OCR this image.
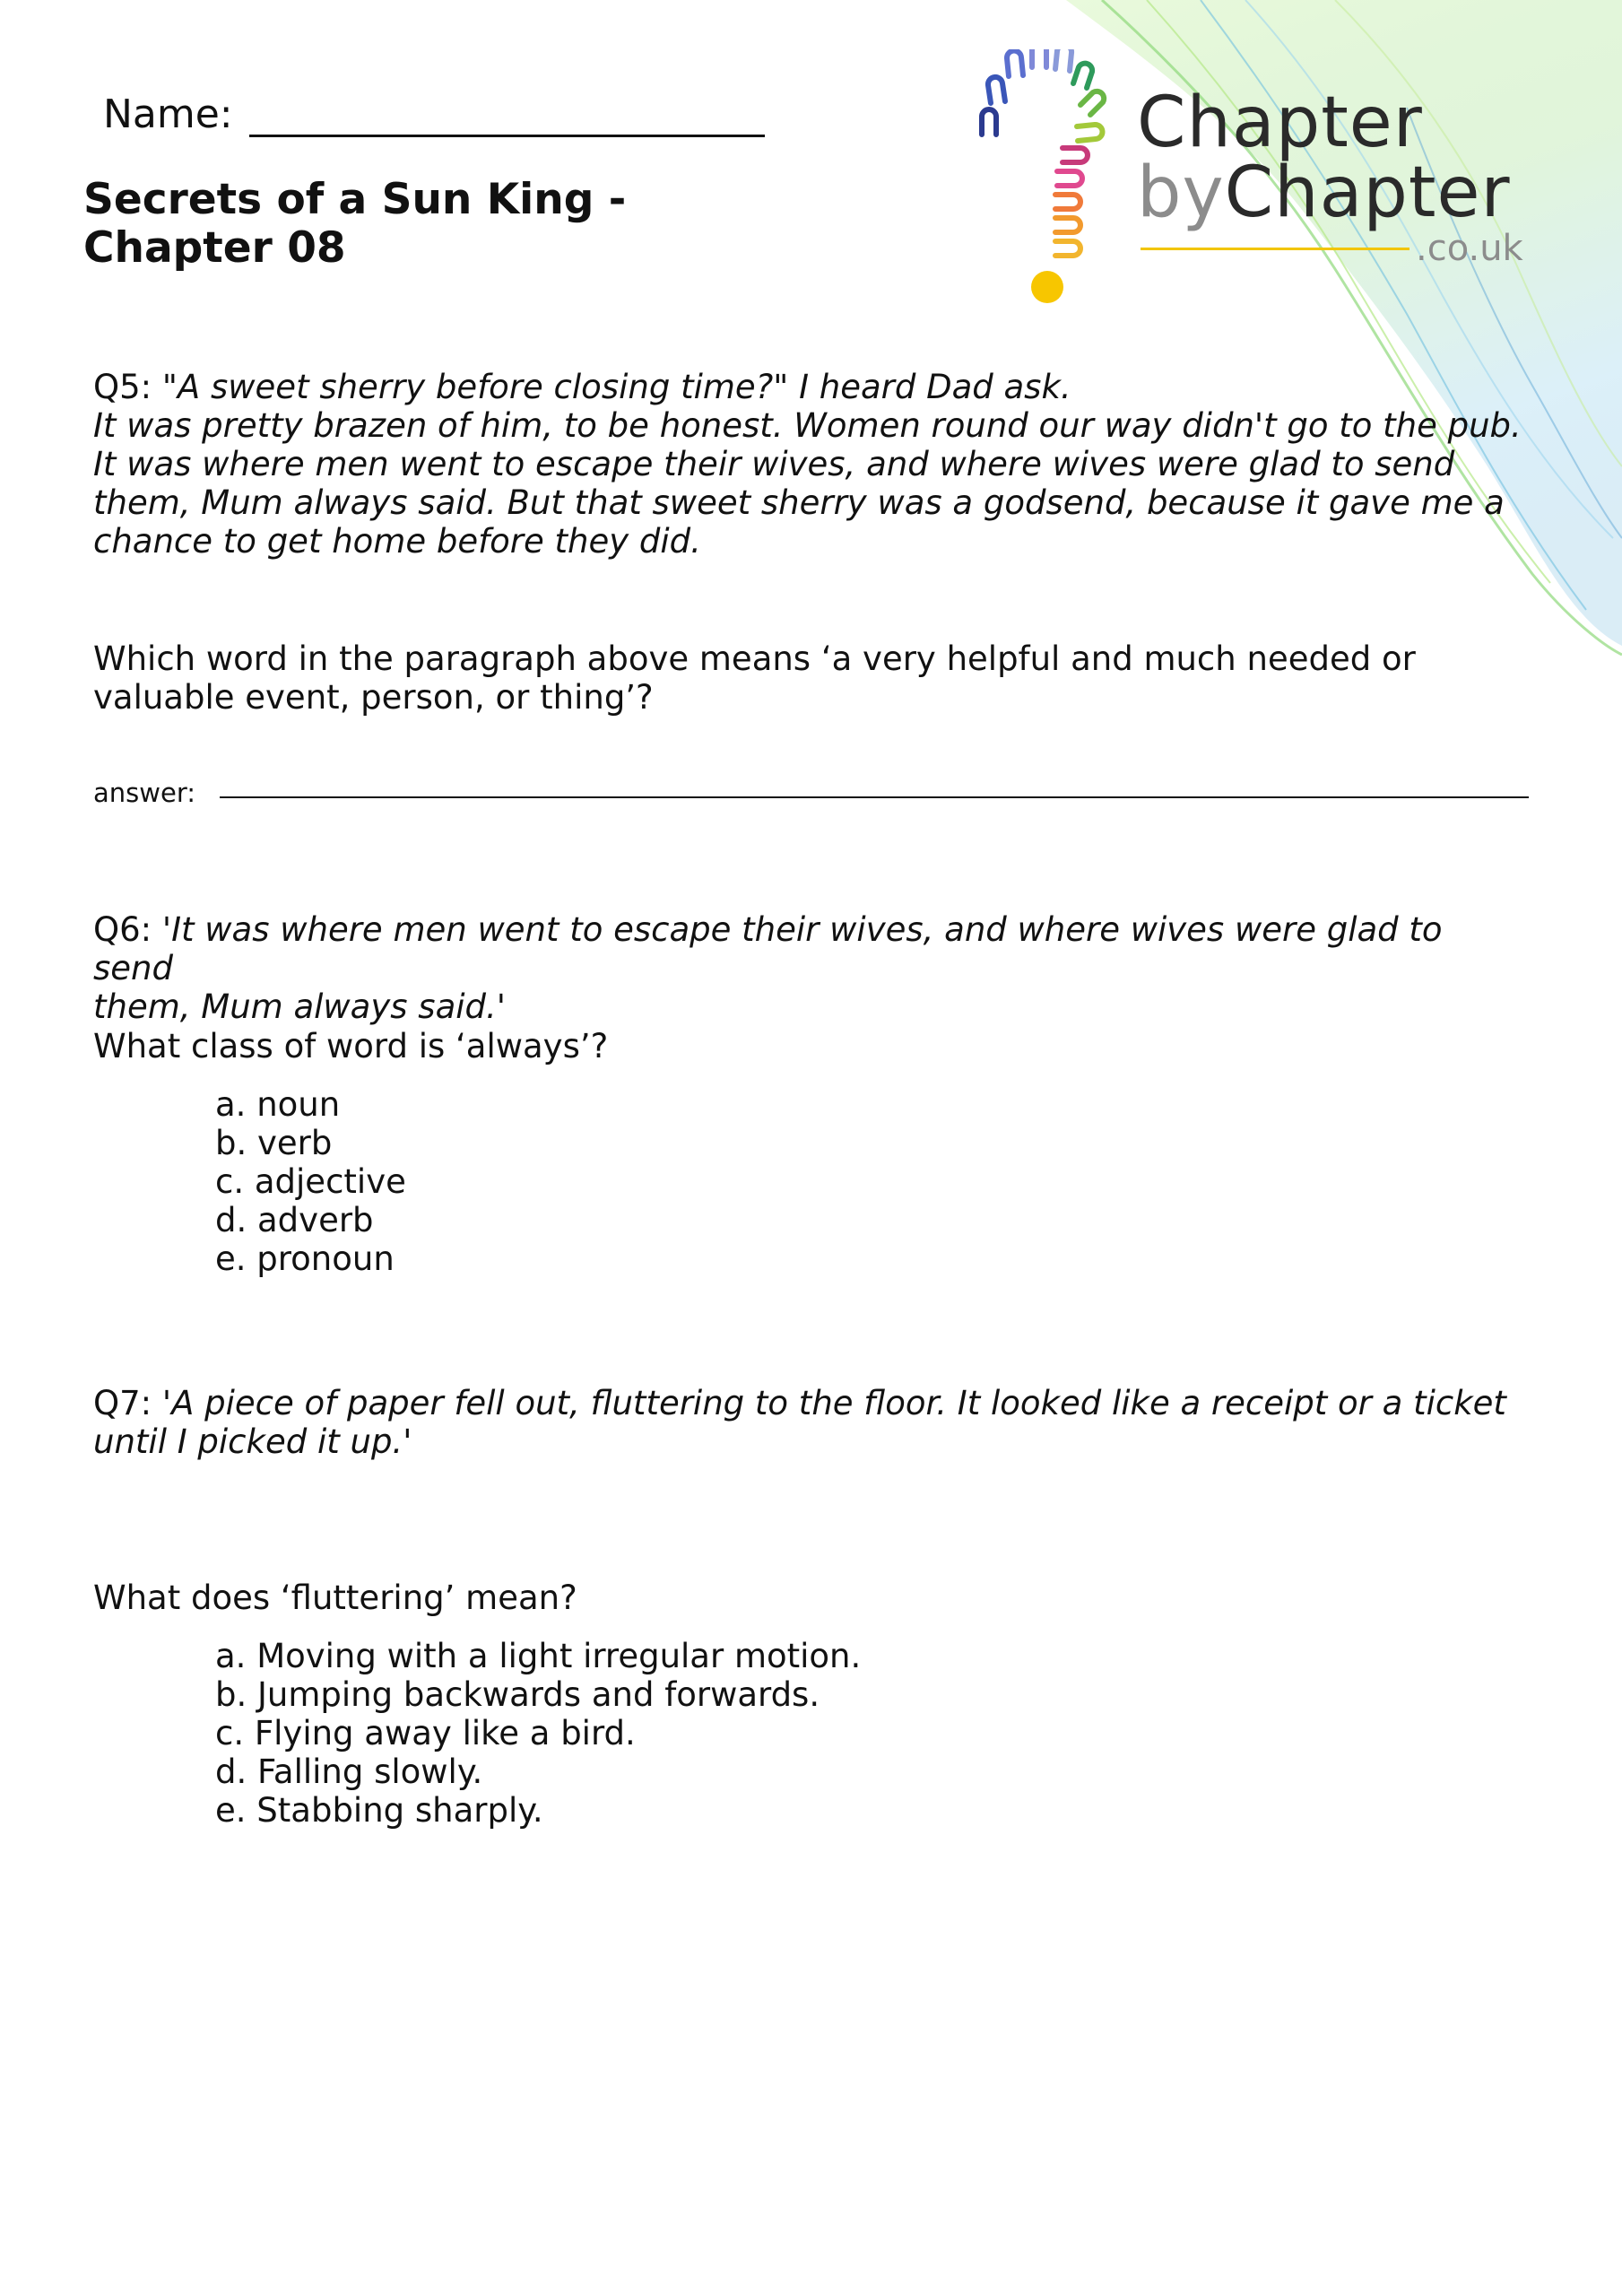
Chapter
byChapter
.co.uk
Name:
Secrets of a Sun King -
Chapter 08
Q5: "A sweet sherry before closing time?" I heard Dad ask.
It was pretty brazen of him, to be honest. Women round our way didn't go to the pub.
It was where men went to escape their wives, and where wives were glad to send
them, Mum always said. But that sweet sherry was a godsend, because it gave me a
chance to get home before they did.
Which word in the paragraph above means ‘a very helpful and much needed or
valuable event, person, or thing’?
answer:
Q6: 'It was where men went to escape their wives, and where wives were glad to send
them, Mum always said.'
What class of word is ‘always’?
a. noun
b. verb
c. adjective
d. adverb
e. pronoun
Q7: 'A piece of paper fell out, fluttering to the floor. It looked like a receipt or a ticket
until I picked it up.'
What does ‘fluttering’ mean?
a. Moving with a light irregular motion.
b. Jumping backwards and forwards.
c. Flying away like a bird.
d. Falling slowly.
e. Stabbing sharply.
